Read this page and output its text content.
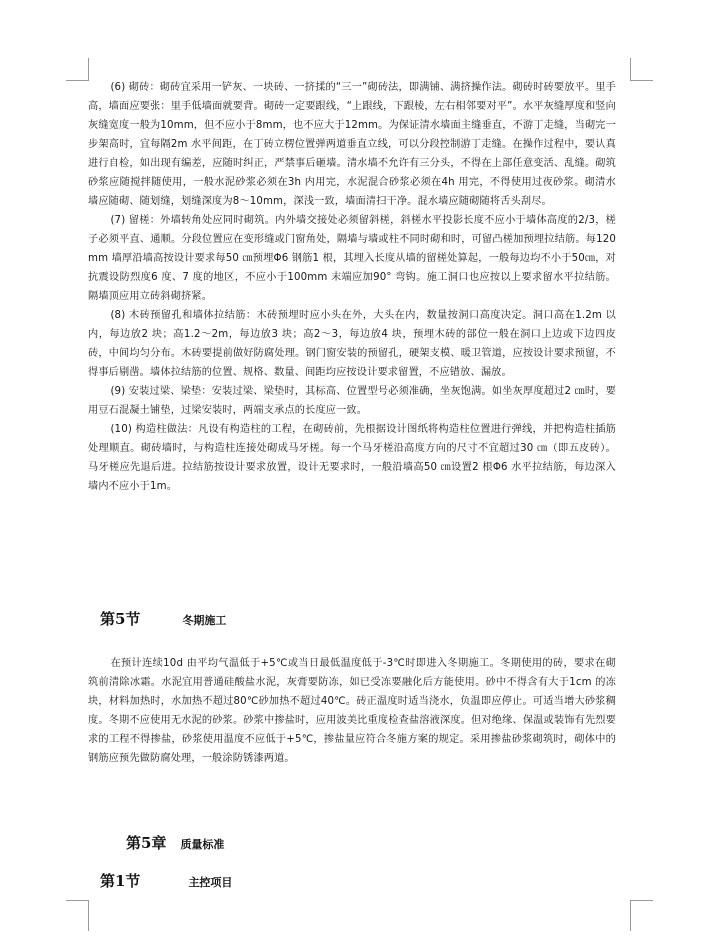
(6) 砌砖：砌砖宜采用一铲灰、一块砖、一挤揉的“三一”砌砖法，即满铺、满挤操作法。砌砖时砖要放平。里手高，墙面应要张：里手低墙面就要背。砌砖一定要跟线，“上跟线，下跟棱，左右相邻要对平”。水平灰缝厚度和竖向灰缝宽度一般为10mm，但不应小于8mm，也不应大于12mm。为保证清水墙面主缝垂直，不游丁走缝，当砌完一步架高时，宜每隔2m 水平间距，在丁砖立楞位置弹两道垂直立线，可以分段控制游丁走缝。在操作过程中，要认真进行自检，如出现有编差，应随时纠正，严禁事后砸墙。清水墙不允许有三分头，不得在上部任意变活、乱缝。砌筑砂浆应随搅拌随使用，一般水泥砂浆必须在3h 内用完，水泥混合砂浆必须在4h 用完，不得使用过夜砂浆。砌清水墙应随砌、随划缝，划缝深度为8～10mm，深浅一致，墙面清扫干净。混水墙应随砌随将舌头刮尽。

(7) 留槎：外墙转角处应同时砌筑。内外墙交接处必须留斜槎，斜槎水平投影长度不应小于墙体高度的2/3，槎子必须平直、通顺。分段位置应在变形缝或门窗角处，隔墙与墙或柱不同时砌和时，可留凸槎加预埋拉结筋。每120mm 墙厚沿墙高按设计要求每50 ㎝预埋Φ6 钢筋1 根，其埋入长度从墙的留槎处算起，一般每边均不小于50㎝，对抗震设防烈度6 度、7 度的地区，不应小于100mm 末端应加90° 弯钩。施工洞口也应按以上要求留水平拉结筋。隔墙顶应用立砖斜砌挤紧。

(8) 木砖预留孔和墙体拉结筋：木砖预埋时应小头在外，大头在内，数量按洞口高度决定。洞口高在1.2m 以内，每边放2 块；高1.2～2m，每边放3 块；高2～3，每边放4 块，预埋木砖的部位一般在洞口上边或下边四皮砖，中间均匀分布。木砖要提前做好防腐处理。钢门窗安装的预留孔，硬架支模、暖卫管道，应按设计要求预留，不得事后剔凿。墙体拉结筋的位置、规格、数量、间距均应按设计要求留置，不应错放、漏放。

(9) 安装过梁、梁垫：安装过梁、梁垫时，其标高、位置型号必须准确，坐灰饱满。如坐灰厚度超过2 ㎝时，要用豆石混凝土铺垫，过梁安装时，两端支承点的长度应一致。

(10) 构造柱做法：凡设有构造柱的工程，在砌砖前，先根据设计图纸将构造柱位置进行弹线，并把构造柱插筋处理顺直。砌砖墙时，与构造柱连接处砌成马牙槎。每一个马牙槎沿高度方向的尺寸不宜超过30 ㎝（即五皮砖）。马牙槎应先退后进。拉结筋按设计要求放置，设计无要求时，一般沿墙高50 ㎝设置2 根Φ6 水平拉结筋，每边深入墙内不应小于1m。

第5节	冬期施工

在预计连续10d 由平均气温低于+5℃或当日最低温度低于-3℃时即进入冬期施工。冬期使用的砖，要求在砌筑前清除冰霜。水泥宜用普通硅酸盐水泥，灰膏要防冻，如已受冻要融化后方能使用。砂中不得含有大于1cm 的冻块，材料加热时，水加热不超过80℃砂加热不超过40℃。砖正温度时适当浇水，负温即应停止。可适当增大砂浆稠度。冬期不应使用无水泥的砂浆。砂浆中掺盐时，应用波美比重度检查盐溶液深度。但对绝缘、保温或装饰有先烈要求的工程不得掺盐，砂浆使用温度不应低于+5℃，掺盐量应符合冬施方案的规定。采用掺盐砂浆砌筑时，砌体中的钢筋应预先做防腐处理，一般涂防锈漆两道。

第5章 质量标准
第1节	主控项目
